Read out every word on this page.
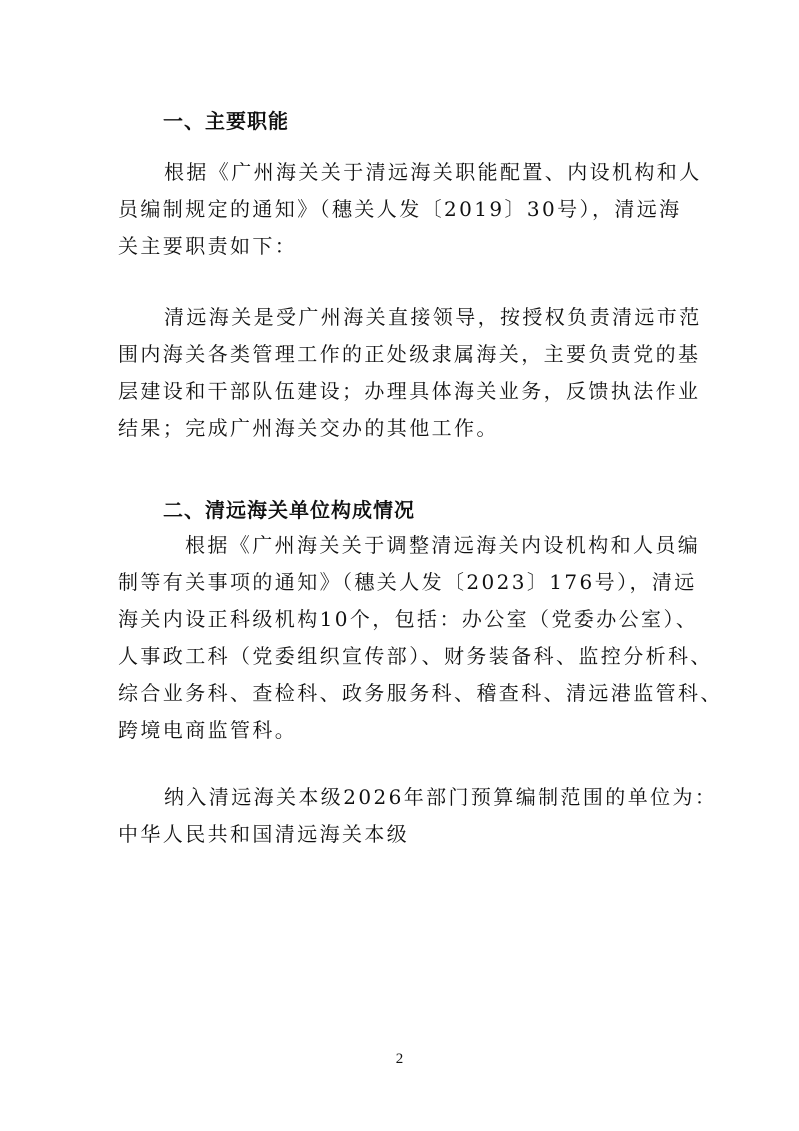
一、主要职能
根据《广州海关关于清远海关职能配置、内设机构和人
员编制规定的通知》（穗关人发〔2019〕30号），清远海
关主要职责如下：
清远海关是受广州海关直接领导，按授权负责清远市范
围内海关各类管理工作的正处级隶属海关，主要负责党的基
层建设和干部队伍建设；办理具体海关业务，反馈执法作业
结果；完成广州海关交办的其他工作。
二、清远海关单位构成情况
根据《广州海关关于调整清远海关内设机构和人员编
制等有关事项的通知》（穗关人发〔2023〕176号），清远
海关内设正科级机构10个，包括：办公室（党委办公室）、
人事政工科（党委组织宣传部）、财务装备科、监控分析科、
综合业务科、查检科、政务服务科、稽查科、清远港监管科、
跨境电商监管科。
纳入清远海关本级2026年部门预算编制范围的单位为：
中华人民共和国清远海关本级
2
